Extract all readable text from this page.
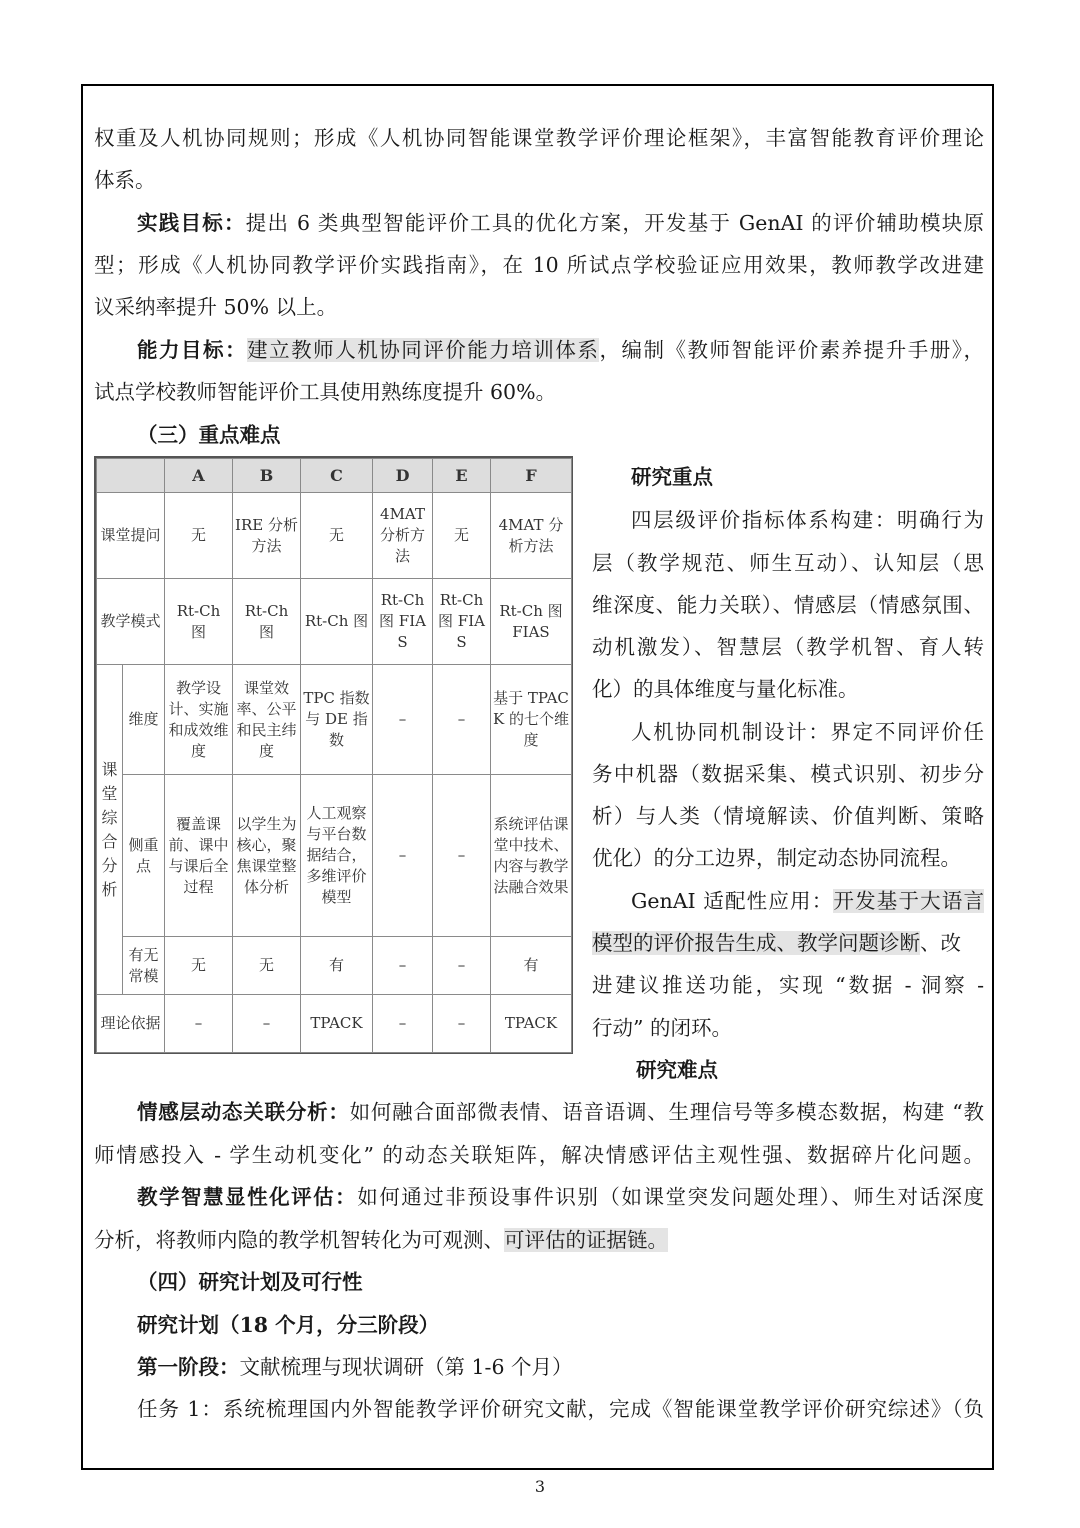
权重及人机协同规则；形成《人机协同智能课堂教学评价理论框架》，丰富智能教育评价理论
体系。
实践目标：提出 6 类典型智能评价工具的优化方案，开发基于 GenAI 的评价辅助模块原
型；形成《人机协同教学评价实践指南》，在 10 所试点学校验证应用效果，教师教学改进建
议采纳率提升 50% 以上。
能力目标：建立教师人机协同评价能力培训体系，编制《教师智能评价素养提升手册》，
试点学校教师智能评价工具使用熟练度提升 60%。
（三）重点难点
		A	B	C	D	E	F
课堂提问		无	IRE 分析方法	无	4MAT 分析方法	无	4MAT 分析方法
教学模式		Rt-Ch 图	Rt-Ch 图	Rt-Ch 图	Rt-Ch 图 FIAS	Rt-Ch 图 FIAS	Rt-Ch 图 FIAS
课堂综合分析	维度	教学设计、实施和成效维度	课堂效率、公平和民主纬度	TPC 指数与 DE 指数	–	–	基于 TPACK 的七个维度
	侧重点	覆盖课前、课中与课后全过程	以学生为核心，聚焦课堂整体分析	人工观察与平台数据结合，多维评价模型	–	–	系统评估课堂中技术、内容与教学法融合效果
	有无常模	无	无	有	–	–	有
理论依据		–	–	TPACK	–	–	TPACK
研究重点
四层级评价指标体系构建：明确行为
层（教学规范、师生互动）、认知层（思
维深度、能力关联）、情感层（情感氛围、
动机激发）、智慧层（教学机智、育人转
化）的具体维度与量化标准。
人机协同机制设计：界定不同评价任
务中机器（数据采集、模式识别、初步分
析）与人类（情境解读、价值判断、策略
优化）的分工边界，制定动态协同流程。
GenAI 适配性应用：开发基于大语言
模型的评价报告生成、教学问题诊断、改
进建议推送功能，实现 “数据 - 洞察 -
行动” 的闭环。
研究难点
情感层动态关联分析：如何融合面部微表情、语音语调、生理信号等多模态数据，构建 “教
师情感投入 - 学生动机变化” 的动态关联矩阵，解决情感评估主观性强、数据碎片化问题。
教学智慧显性化评估：如何通过非预设事件识别（如课堂突发问题处理）、师生对话深度
分析，将教师内隐的教学机智转化为可观测、可评估的证据链。
（四）研究计划及可行性
研究计划（18 个月，分三阶段）
第一阶段：文献梳理与现状调研（第 1-6 个月）
任务 1：系统梳理国内外智能教学评价研究文献，完成《智能课堂教学评价研究综述》（负
3
